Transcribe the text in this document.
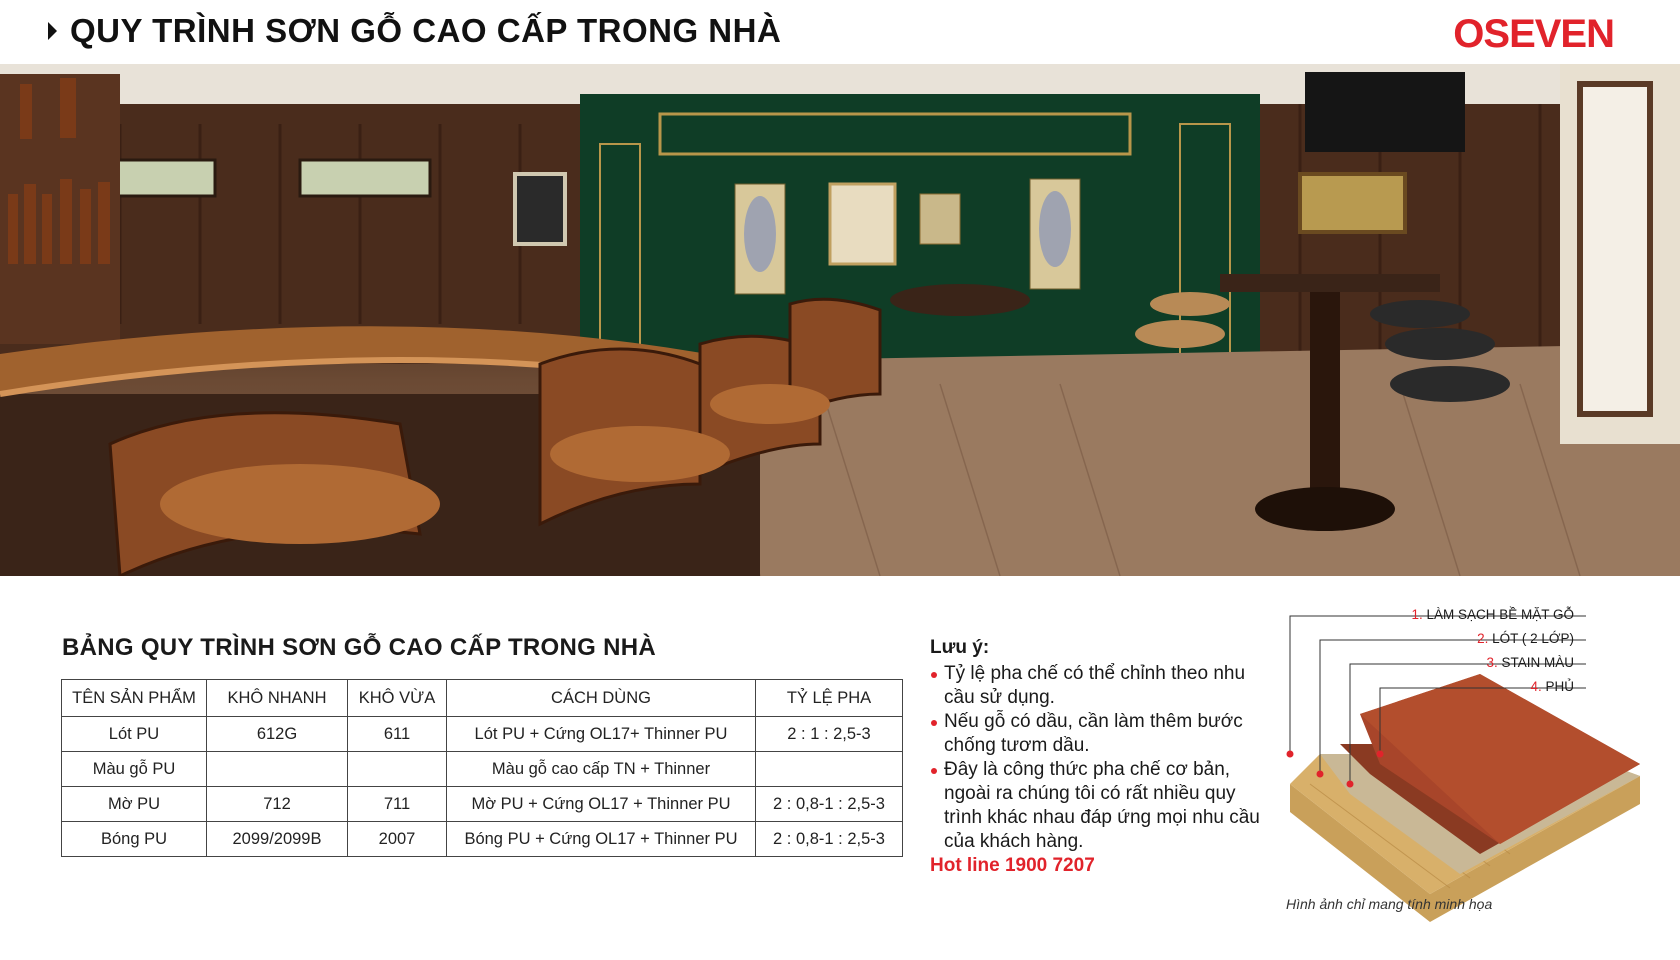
QUY TRÌNH SƠN GỖ CAO CẤP TRONG NHÀ	OSEVEN
BẢNG QUY TRÌNH SƠN GỖ CAO CẤP TRONG NHÀ
TÊN SẢN PHẨM	KHÔ NHANH	KHÔ VỪA	CÁCH DÙNG	TỶ LỆ PHA
Lót PU	612G	611	Lót PU + Cứng OL17+ Thinner PU	2 : 1 : 2,5-3
Màu gỗ PU			Màu gỗ cao cấp TN + Thinner	
Mờ PU	712	711	Mờ PU + Cứng OL17 + Thinner PU	2 : 0,8-1 : 2,5-3
Bóng PU	2099/2099B	2007	Bóng PU + Cứng OL17 + Thinner PU	2 : 0,8-1 : 2,5-3
Lưu ý:
Tỷ lệ pha chế có thể chỉnh theo nhu cầu sử dụng.
Nếu gỗ có dầu, cần làm thêm bước chống tươm dầu.
Đây là công thức pha chế cơ bản, ngoài ra chúng tôi có rất nhiều quy trình khác nhau đáp ứng mọi nhu cầu của khách hàng.
Hot line 1900 7207
1. LÀM SẠCH BỀ MẶT GỖ
2. LÓT ( 2 LỚP)
3. STAIN MÀU
4. PHỦ
Hình ảnh chỉ mang tính minh họa
